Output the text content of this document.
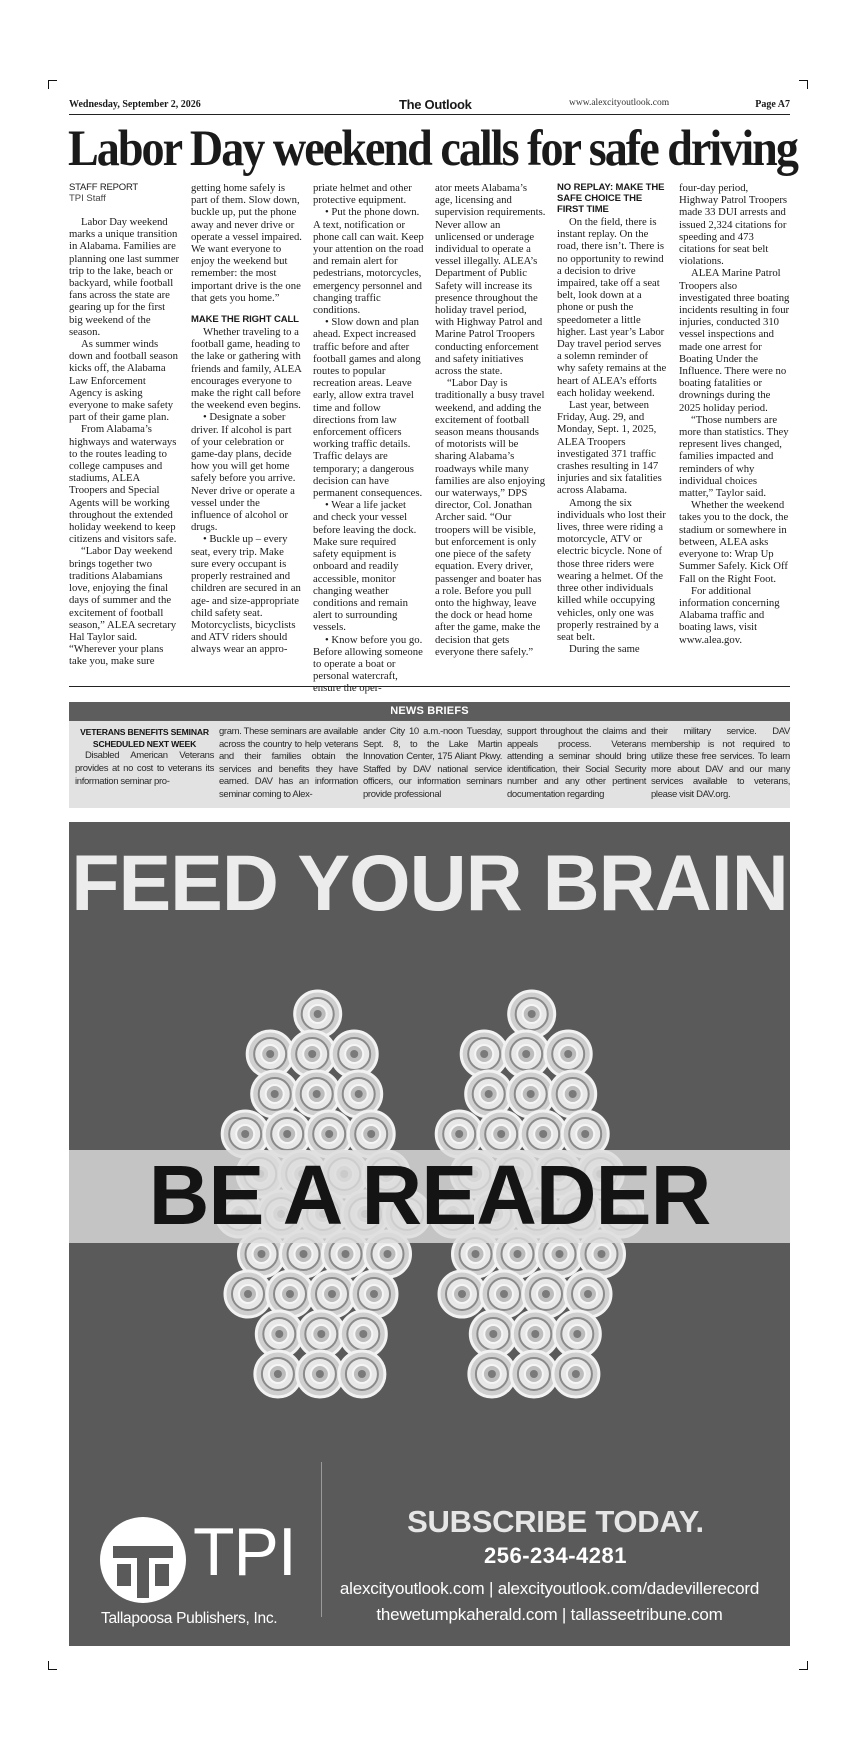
Wednesday, September 2, 2026	The Outlook	www.alexcityoutlook.com	Page A7
Labor Day weekend calls for safe driving
STAFF REPORT
TPI Staff

Labor Day weekend marks a unique transition in Alabama. Families are planning one last summer trip to the lake, beach or backyard, while football fans across the state are gearing up for the first big weekend of the season.

As summer winds down and football season kicks off, the Alabama Law Enforcement Agency is asking everyone to make safety part of their game plan.

From Alabama’s highways and waterways to the routes leading to college campuses and stadiums, ALEA Troopers and Special Agents will be working throughout the extended holiday weekend to keep citizens and visitors safe.

“Labor Day weekend brings together two traditions Alabamians love, enjoying the final days of summer and the excitement of football season,” ALEA secretary Hal Taylor said. “Wherever your plans take you, make sure

getting home safely is part of them. Slow down, buckle up, put the phone away and never drive or operate a vessel impaired. We want everyone to enjoy the weekend but remember: the most important drive is the one that gets you home.”

MAKE THE RIGHT CALL

Whether traveling to a football game, heading to the lake or gathering with friends and family, ALEA encourages everyone to make the right call before the weekend even begins.

• Designate a sober driver. If alcohol is part of your celebration or game-day plans, decide how you will get home safely before you arrive. Never drive or operate a vessel under the influence of alcohol or drugs.

• Buckle up – every seat, every trip. Make sure every occupant is properly restrained and children are secured in an age- and size-appropriate child safety seat. Motorcyclists, bicyclists and ATV riders should always wear an appro-

priate helmet and other protective equipment.

• Put the phone down. A text, notification or phone call can wait. Keep your attention on the road and remain alert for pedestrians, motorcycles, emergency personnel and changing traffic conditions.

• Slow down and plan ahead. Expect increased traffic before and after football games and along routes to popular recreation areas. Leave early, allow extra travel time and follow directions from law enforcement officers working traffic details. Traffic delays are temporary; a dangerous decision can have permanent consequences.

• Wear a life jacket and check your vessel before leaving the dock. Make sure required safety equipment is onboard and readily accessible, monitor changing weather conditions and remain alert to surrounding vessels.

• Know before you go. Before allowing someone to operate a boat or personal watercraft, ensure the oper-

ator meets Alabama’s age, licensing and supervision requirements. Never allow an unlicensed or underage individual to operate a vessel illegally. ALEA’s Department of Public Safety will increase its presence throughout the holiday travel period, with Highway Patrol and Marine Patrol Troopers conducting enforcement and safety initiatives across the state.

“Labor Day is traditionally a busy travel weekend, and adding the excitement of football season means thousands of motorists will be sharing Alabama’s roadways while many families are also enjoying our waterways,” DPS director, Col. Jonathan Archer said. “Our troopers will be visible, but enforcement is only one piece of the safety equation. Every driver, passenger and boater has a role. Before you pull onto the highway, leave the dock or head home after the game, make the decision that gets everyone there safely.”

NO REPLAY: MAKE THE SAFE CHOICE THE FIRST TIME

On the field, there is instant replay. On the road, there isn’t. There is no opportunity to rewind a decision to drive impaired, take off a seat belt, look down at a phone or push the speedometer a little higher. Last year’s Labor Day travel period serves a solemn reminder of why safety remains at the heart of ALEA’s efforts each holiday weekend.

Last year, between Friday, Aug. 29, and Monday, Sept. 1, 2025, ALEA Troopers investigated 371 traffic crashes resulting in 147 injuries and six fatalities across Alabama.

Among the six individuals who lost their lives, three were riding a motorcycle, ATV or electric bicycle. None of those three riders were wearing a helmet. Of the three other individuals killed while occupying vehicles, only one was properly restrained by a seat belt.

During the same

four-day period, Highway Patrol Troopers made 33 DUI arrests and issued 2,324 citations for speeding and 473 citations for seat belt violations.

ALEA Marine Patrol Troopers also investigated three boating incidents resulting in four injuries, conducted 310 vessel inspections and made one arrest for Boating Under the Influence. There were no boating fatalities or drownings during the 2025 holiday period.

“Those numbers are more than statistics. They represent lives changed, families impacted and reminders of why individual choices matter,” Taylor said.

Whether the weekend takes you to the dock, the stadium or somewhere in between, ALEA asks everyone to: Wrap Up Summer Safely. Kick Off Fall on the Right Foot.

For additional information concerning Alabama traffic and boating laws, visit www.alea.gov.

NEWS BRIEFS
VETERANS BENEFITS SEMINAR SCHEDULED NEXT WEEK
Disabled American Veterans provides at no cost to veterans its information seminar pro-
gram. These seminars are available across the country to help veterans and their families obtain the services and benefits they have earned. DAV has an information seminar coming to Alex-
ander City 10 a.m.-noon Tuesday, Sept. 8, to the Lake Martin Innovation Center, 175 Aliant Pkwy. Staffed by DAV national service officers, our information seminars provide professional
support throughout the claims and appeals process. Veterans attending a seminar should bring identification, their Social Security number and any other pertinent documentation regarding
their military service. DAV membership is not required to utilize these free services. To learn more about DAV and our many services available to veterans, please visit DAV.org.
FEED YOUR BRAIN
BE A READER
TPI
Tallapoosa Publishers, Inc.
SUBSCRIBE TODAY.
256-234-4281
alexcityoutlook.com | alexcityoutlook.com/dadevillerecord
thewetumpkaherald.com | tallasseetribune.com
